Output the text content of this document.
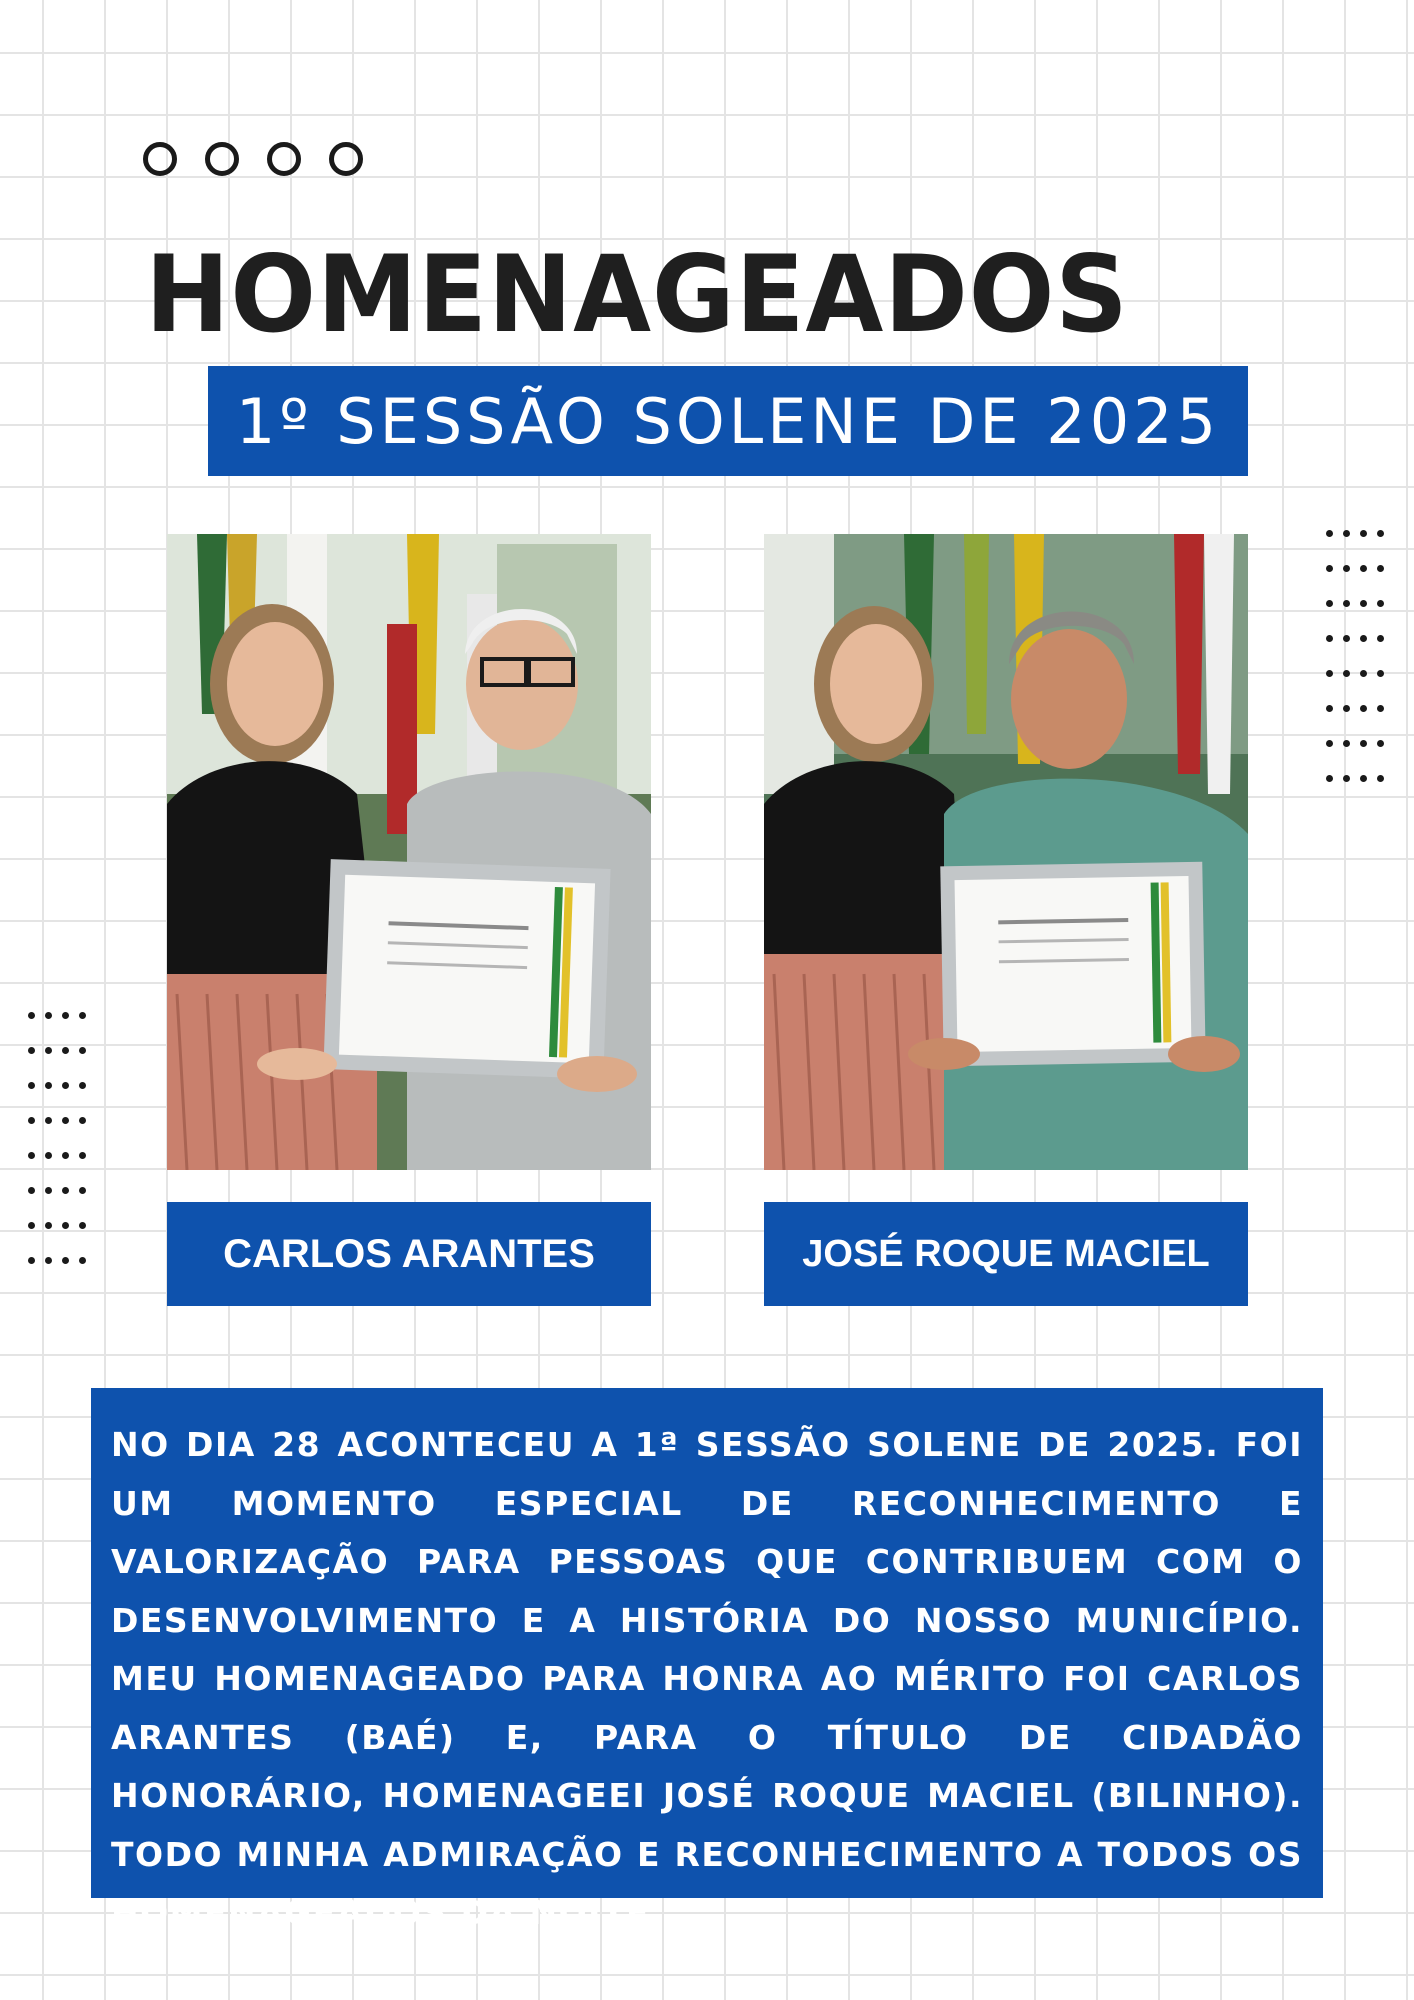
HOMENAGEADOS
1º SESSÃO SOLENE DE 2025
CARLOS ARANTES	JOSÉ ROQUE MACIEL

NO DIA 28 ACONTECEU A 1ª SESSÃO SOLENE DE 2025. FOI UM MOMENTO ESPECIAL DE RECONHECIMENTO E VALORIZAÇÃO PARA PESSOAS QUE CONTRIBUEM COM O DESENVOLVIMENTO E A HISTÓRIA DO NOSSO MUNICÍPIO. MEU HOMENAGEADO PARA HONRA AO MÉRITO FOI CARLOS ARANTES (BAÉ) E, PARA O TÍTULO DE CIDADÃO HONORÁRIO, HOMENAGEEI JOSÉ ROQUE MACIEL (BILINHO). TODO MINHA ADMIRAÇÃO E RECONHECIMENTO A TODOS OS HOMENAGEADOS DA NOITE.
